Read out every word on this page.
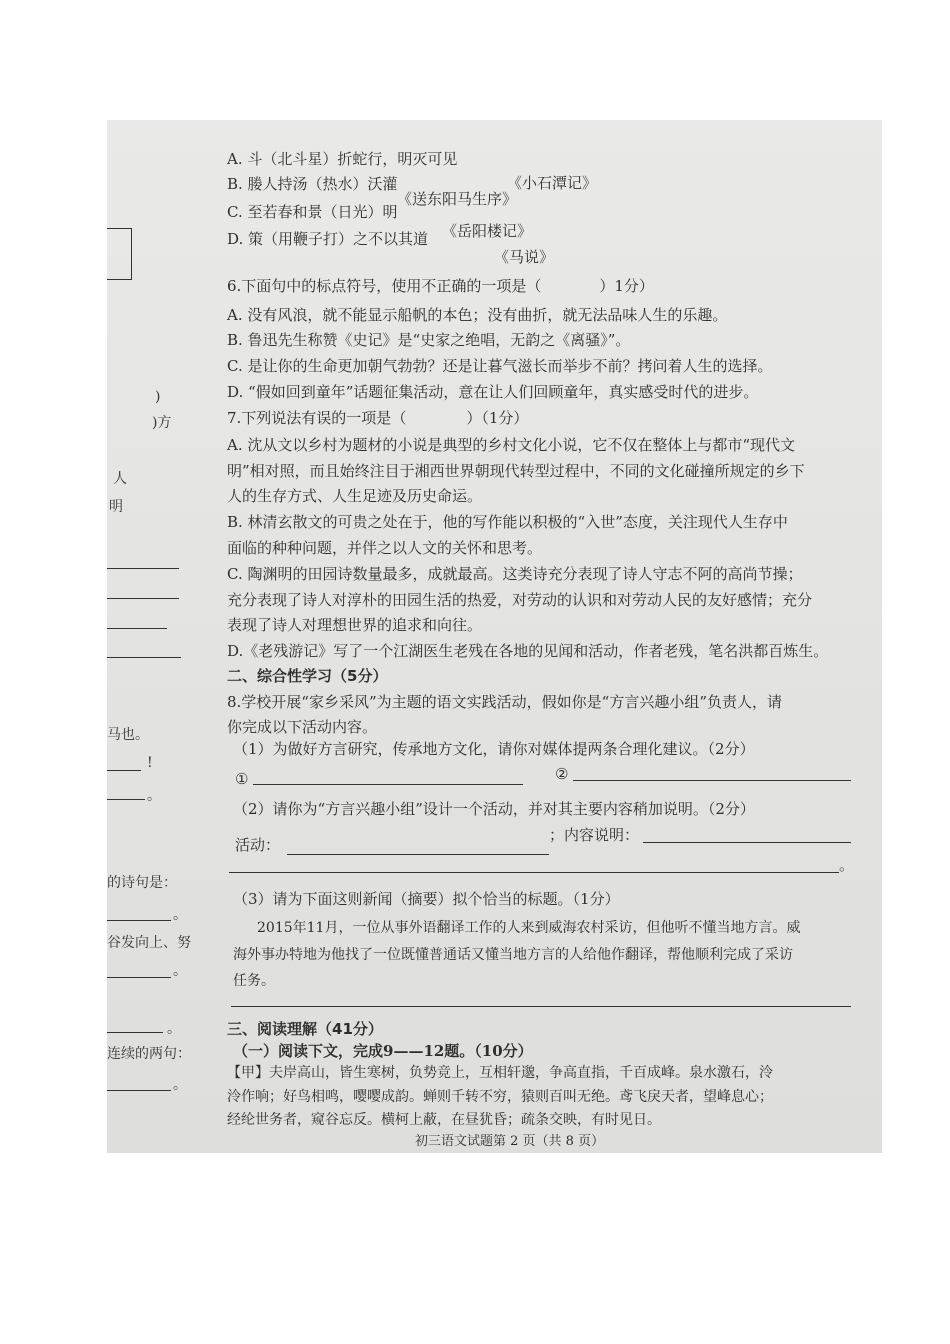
)
)方
人
明
马也。
!
。
的诗句是：
。
谷发向上、努
。
。
连续的两句：
。
A. 斗（北斗星）折蛇行，明灭可见
B. 媵人持汤（热水）沃灌
《送东阳马生序》
《小石潭记》
C. 至若春和景（日光）明
《岳阳楼记》
D. 策（用鞭子打）之不以其道
《马说》
6.下面句中的标点符号，使用不正确的一项是（	）1分）
A. 没有风浪，就不能显示船帆的本色；没有曲折，就无法品味人生的乐趣。
B. 鲁迅先生称赞《史记》是“史家之绝唱，无韵之《离骚》”。
C. 是让你的生命更加朝气勃勃？还是让暮气滋长而举步不前？拷问着人生的选择。
D. “假如回到童年”话题征集活动，意在让人们回顾童年，真实感受时代的进步。
7.下列说法有误的一项是（	）（1分）
A. 沈从文以乡村为题材的小说是典型的乡村文化小说，它不仅在整体上与都市“现代文
明”相对照，而且始终注目于湘西世界朝现代转型过程中，不同的文化碰撞所规定的乡下
人的生存方式、人生足迹及历史命运。
B. 林清玄散文的可贵之处在于，他的写作能以积极的“入世”态度，关注现代人生存中
面临的种种问题，并伴之以人文的关怀和思考。
C. 陶渊明的田园诗数量最多，成就最高。这类诗充分表现了诗人守志不阿的高尚节操；
充分表现了诗人对淳朴的田园生活的热爱，对劳动的认识和对劳动人民的友好感情；充分
表现了诗人对理想世界的追求和向往。
D.《老残游记》写了一个江湖医生老残在各地的见闻和活动，作者老残，笔名洪都百炼生。
二、综合性学习（5分）
8.学校开展“家乡采风”为主题的语文实践活动，假如你是“方言兴趣小组”负责人，请
你完成以下活动内容。
（1）为做好方言研究，传承地方文化，请你对媒体提两条合理化建议。（2分）
①	②
（2）请你为“方言兴趣小组”设计一个活动，并对其主要内容稍加说明。（2分）
活动：
；内容说明：
。
（3）请为下面这则新闻（摘要）拟个恰当的标题。（1分）
2015年11月，一位从事外语翻译工作的人来到威海农村采访，但他听不懂当地方言。威
海外事办特地为他找了一位既懂普通话又懂当地方言的人给他作翻译，帮他顺利完成了采访
任务。
三、阅读理解（41分）
（一）阅读下文，完成9——12题。（10分）
【甲】夫岸高山，皆生寒树，负势竞上，互相轩邈，争高直指，千百成峰。泉水激石，泠
泠作响；好鸟相鸣，嘤嘤成韵。蝉则千转不穷，猿则百叫无绝。鸢飞戾天者，望峰息心；
经纶世务者，窥谷忘反。横柯上蔽，在昼犹昏；疏条交映，有时见日。
初三语文试题第 2 页（共 8 页）
